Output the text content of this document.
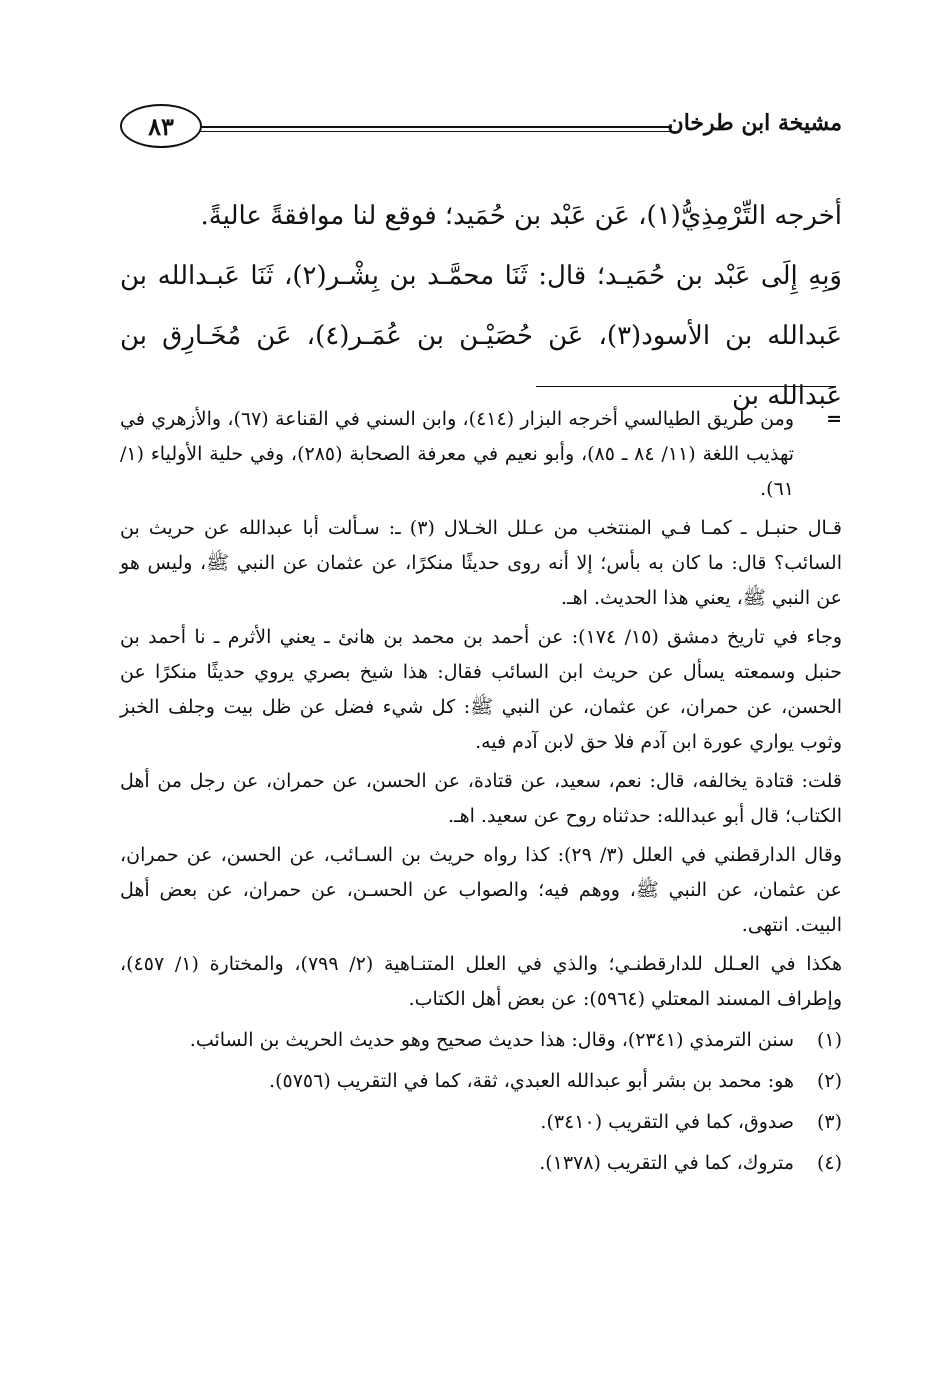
مشيخة ابن طرخان
٨٣

أخرجه التِّرْمِذِيُّ(١)، عَن عَبْد بن حُمَيد؛ فوقع لنا موافقةً عاليةً.

وَبِهِ إِلَى عَبْد بن حُمَيـد؛ قال: ثَنَا محمَّـد بن بِشْـر(٢)، ثَنَا عَبـدالله بن عَبدالله بن الأسود(٣)، عَن حُصَيْـن بن عُمَـر(٤)، عَن مُخَـارِق بن عَبدالله بن

=
ومن طريق الطيالسي أخرجه البزار (٤١٤)، وابن السني في القناعة (٦٧)، والأزهري في تهذيب اللغة (١١/ ٨٤ ـ ٨٥)، وأبو نعيم في معرفة الصحابة (٢٨٥)، وفي حلية الأولياء (١/ ٦١).

قـال حنبـل ـ كمـا فـي المنتخب من عـلل الخـلال (٣) ـ: سـألت أبا عبدالله عن حريث بن السائب؟ قال: ما كان به بأس؛ إلا أنه روى حديثًا منكرًا، عن عثمان عن النبي ﷺ، وليس هو عن النبي ﷺ، يعني هذا الحديث. اهـ.

وجاء في تاريخ دمشق (١٥/ ١٧٤): عن أحمد بن محمد بن هانئ ـ يعني الأثرم ـ نا أحمد بن حنبل وسمعته يسأل عن حريث ابن السائب فقال: هذا شيخ بصري يروي حديثًا منكرًا عن الحسن، عن حمران، عن عثمان، عن النبي ﷺ: كل شيء فضل عن ظل بيت وجلف الخبز وثوب يواري عورة ابن آدم فلا حق لابن آدم فيه.

قلت: قتادة يخالفه، قال: نعم، سعيد، عن قتادة، عن الحسن، عن حمران، عن رجل من أهل الكتاب؛ قال أبو عبدالله: حدثناه روح عن سعيد. اهـ.

وقال الدارقطني في العلل (٣/ ٢٩): كذا رواه حريث بن السـائب، عن الحسن، عن حمران، عن عثمان، عن النبي ﷺ، ووهم فيه؛ والصواب عن الحسـن، عن حمران، عن بعض أهل البيت. انتهى.

هكذا في العـلل للدارقطنـي؛ والذي في العلل المتنـاهية (٢/ ٧٩٩)، والمختارة (١/ ٤٥٧)، وإطراف المسند المعتلي (٥٩٦٤): عن بعض أهل الكتاب.

(١)
سنن الترمذي (٢٣٤١)، وقال: هذا حديث صحيح وهو حديث الحريث بن السائب.

(٢)
هو: محمد بن بشر أبو عبدالله العبدي، ثقة، كما في التقريب (٥٧٥٦).

(٣)
صدوق، كما في التقريب (٣٤١٠).

(٤)
متروك، كما في التقريب (١٣٧٨).
